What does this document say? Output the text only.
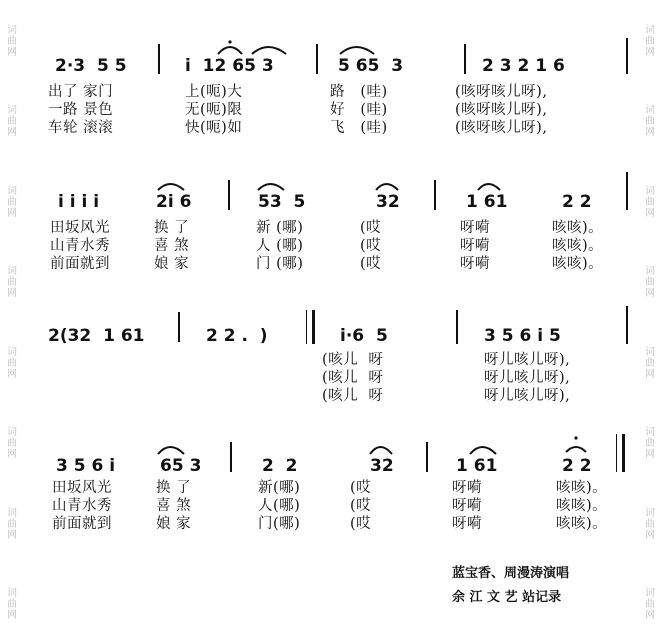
词曲网
词曲网
词曲网
词曲网
词曲网
词曲网
词曲网
词曲网
词曲网
词曲网
词曲网
词曲网
词曲网
词曲网
词曲网
词曲网
2·3  5 5	i  12 65 3	5 65  3	2 3 2 1 6
出了 家门	上(呃)大	路   (哇)	(咳呀咳儿呀),
一路 景色	无(呃)限	好   (哇)	(咳呀咳儿呀),
车轮 滚滚	快(呃)如	飞   (哇)	(咳呀咳儿呀),
i i i i	2i 6	53  5	32	1 61	2 2
田坂风光	换 了	新 (哪)	(哎	呀嗬	咳咳)。
山青水秀	喜 煞	人 (哪)	(哎	呀嗬	咳咳)。
前面就到	娘 家	门 (哪)	(哎	呀嗬	咳咳)。
2(32  1 61	2 2 .  )	i·6  5	3 5 6 i 5
(咳儿  呀	呀儿咳儿呀),
(咳儿  呀	呀儿咳儿呀),
(咳儿  呀	呀儿咳儿呀),
3 5 6 i	65 3	2  2	32	1 61	2 2
田坂风光	换 了	新(哪)	(哎	呀嗬	咳咳)。
山青水秀	喜 煞	人(哪)	(哎	呀嗬	咳咳)。
前面就到	娘 家	门(哪)	(哎	呀嗬	咳咳)。
蓝宝香、周漫涛演唱
余 江 文 艺 站记录
